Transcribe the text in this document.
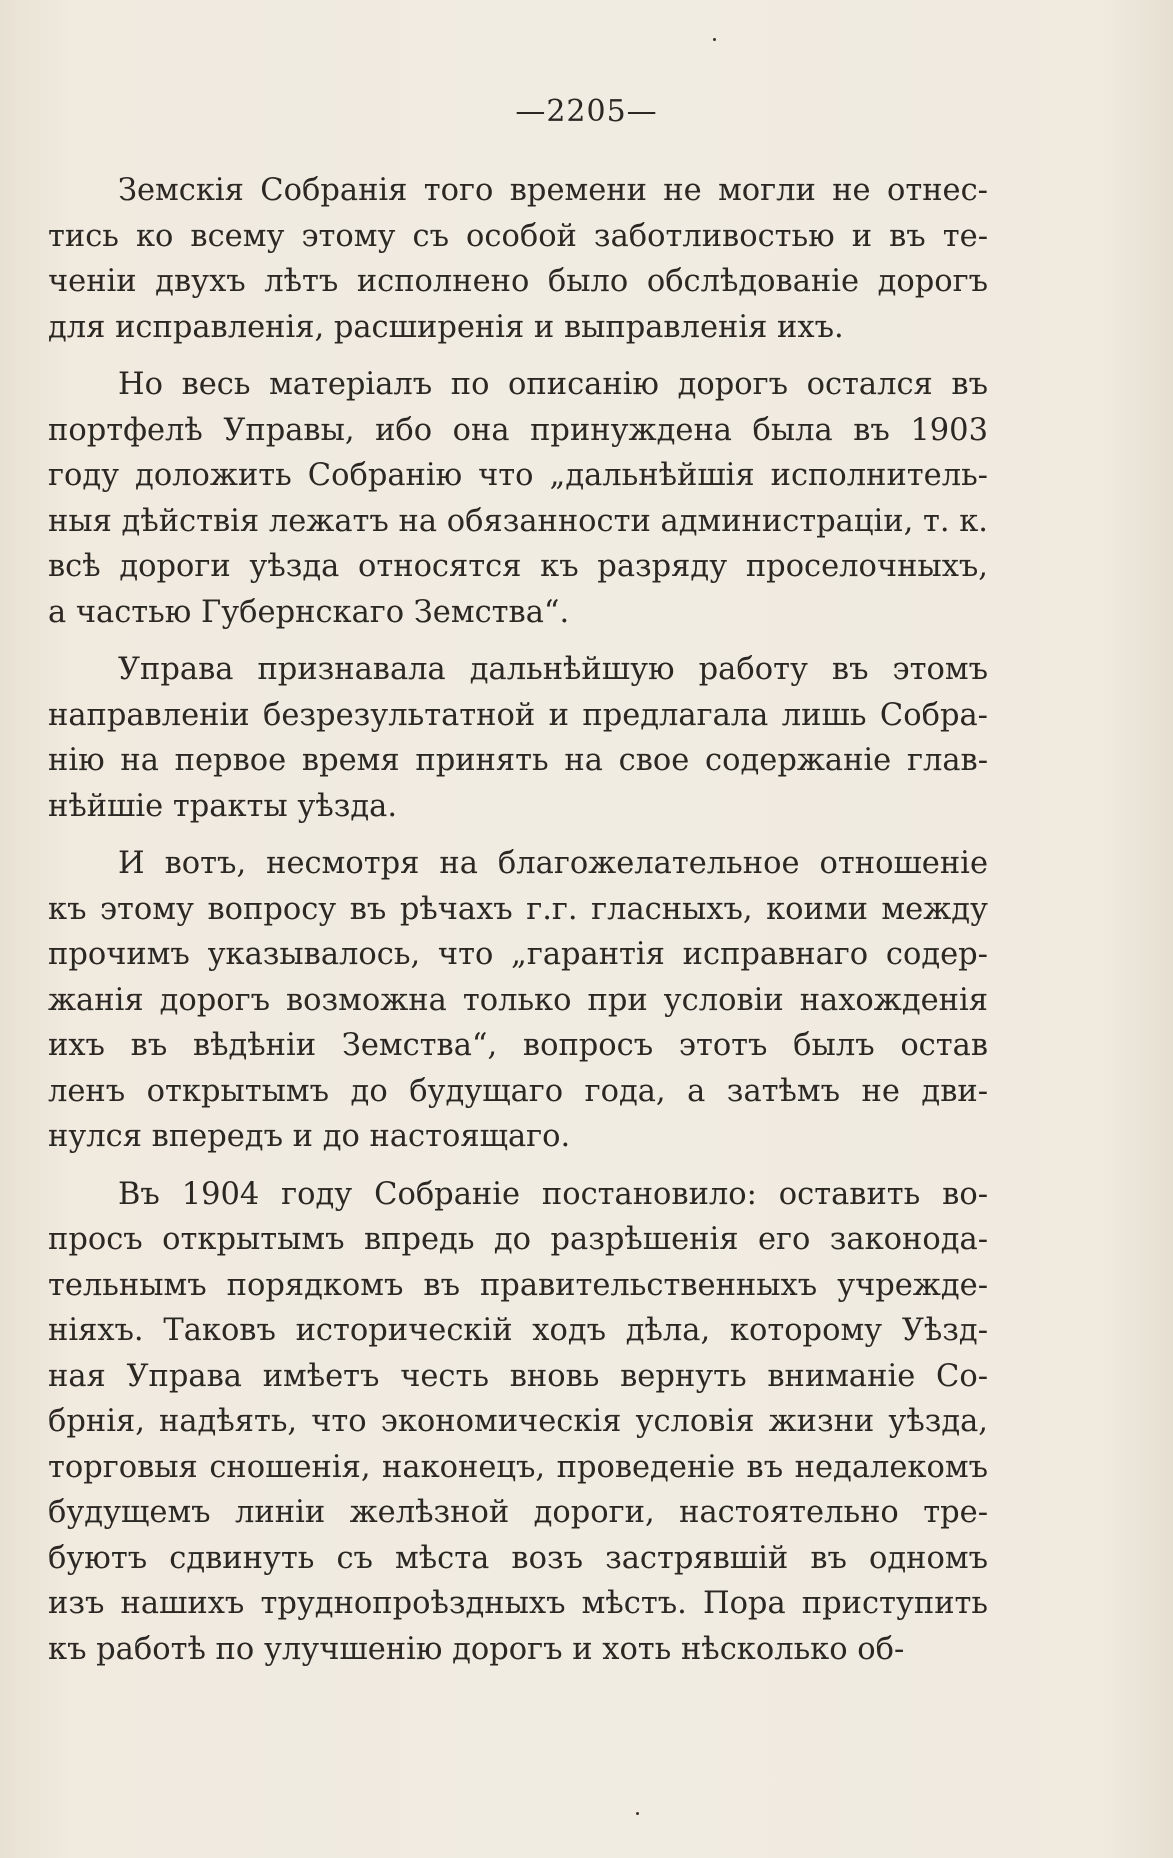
—2205—
Земскія Собранія того времени не могли не отнес-
тись ко всему этому съ особой заботливостью и въ те-
ченіи двухъ лѣтъ исполнено было обслѣдованіе дорогъ
для исправленія, расширенія и выправленія ихъ.
Но весь матеріалъ по описанію дорогъ остался въ
портфелѣ Управы, ибо она принуждена была въ 1903
году доложить Собранію что „дальнѣйшія исполнитель-
ныя дѣйствія лежатъ на обязанности администраціи, т. к.
всѣ дороги уѣзда относятся къ разряду проселочныхъ,
а частью Губернскаго Земства“.
Управа признавала дальнѣйшую работу въ этомъ
направленіи безрезультатной и предлагала лишь Собра-
нію на первое время принять на свое содержаніе глав-
нѣйшіе тракты уѣзда.
И вотъ, несмотря на благожелательное отношеніе
къ этому вопросу въ рѣчахъ г.г. гласныхъ, коими между
прочимъ указывалось, что „гарантія исправнаго содер-
жанія дорогъ возможна только при условіи нахожденія
ихъ въ вѣдѣніи Земства“, вопросъ этотъ былъ остав
ленъ открытымъ до будущаго года, а затѣмъ не дви-
нулся впередъ и до настоящаго.
Въ 1904 году Собраніе постановило: оставить во-
просъ открытымъ впредь до разрѣшенія его законода-
тельнымъ порядкомъ въ правительственныхъ учрежде-
ніяхъ. Таковъ историческій ходъ дѣла, которому Уѣзд-
ная Управа имѣетъ честь вновь вернуть вниманіе Со-
брнія, надѣять, что экономическія условія жизни уѣзда,
торговыя сношенія, наконецъ, проведеніе въ недалекомъ
будущемъ линіи желѣзной дороги, настоятельно тре-
буютъ сдвинуть съ мѣста возъ застрявшій въ одномъ
изъ нашихъ труднопроѣздныхъ мѣстъ. Пора приступить
къ работѣ по улучшенію дорогъ и хоть нѣсколько об-
